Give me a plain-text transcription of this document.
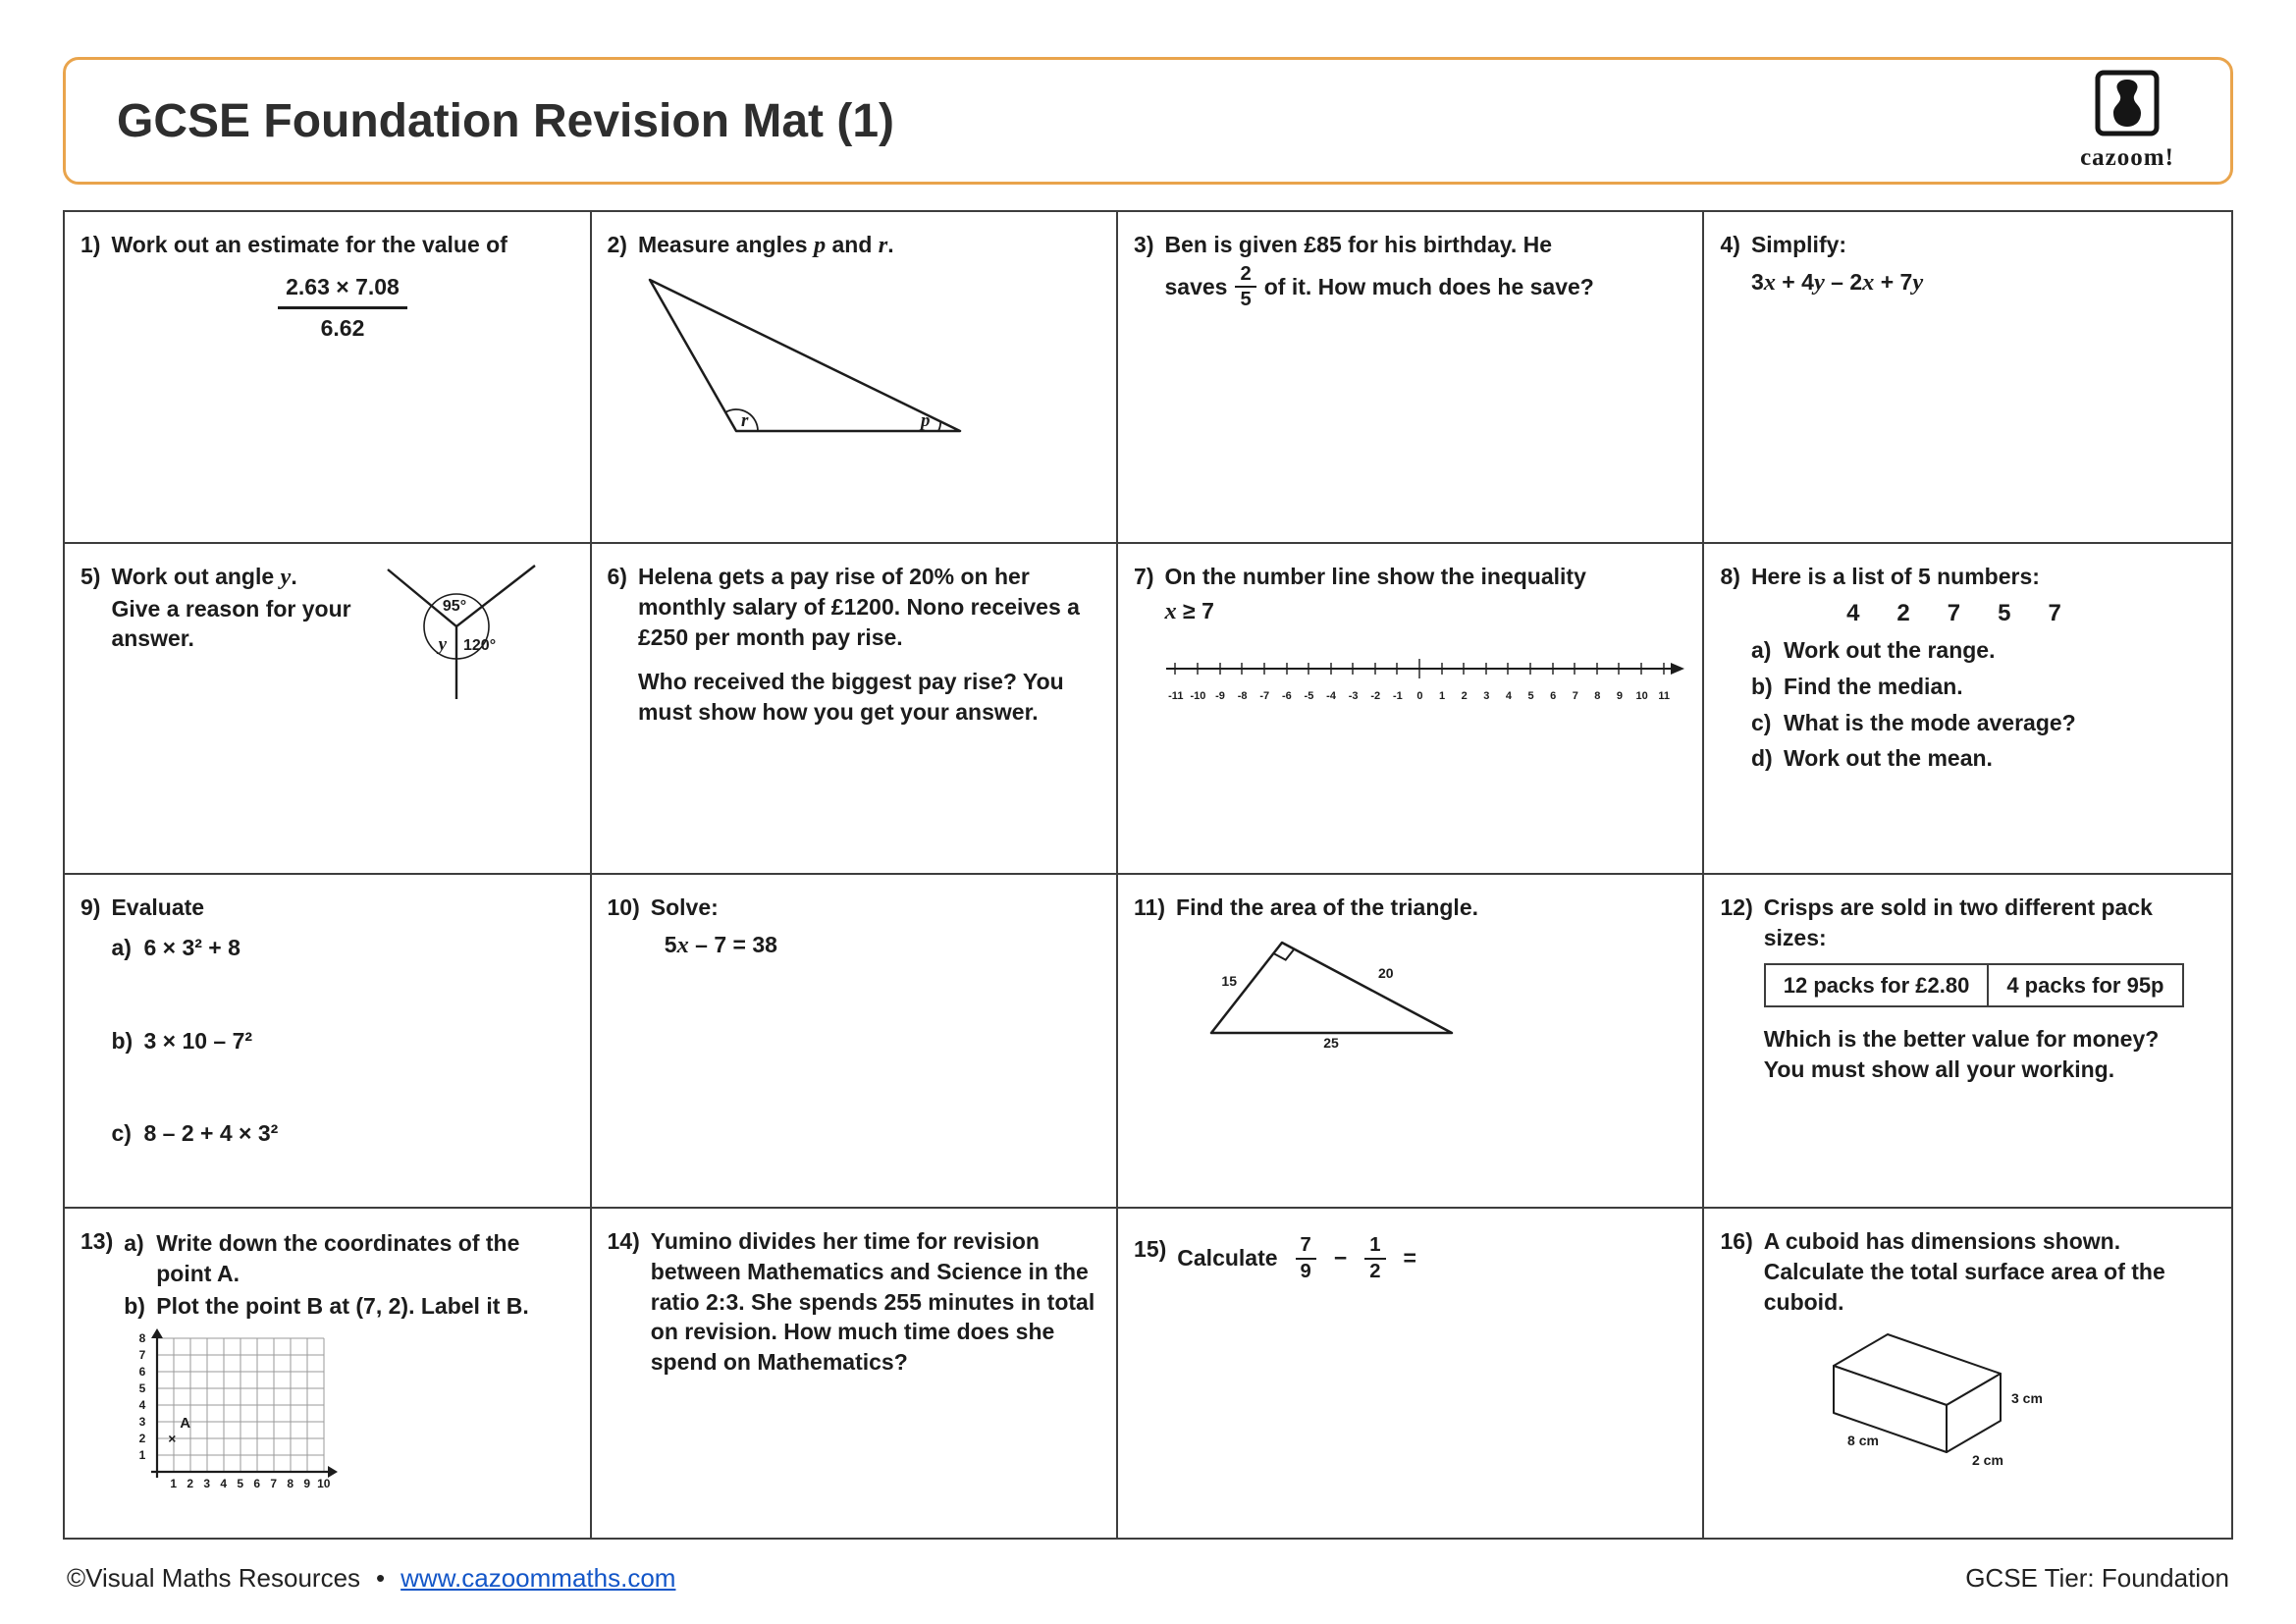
GCSE Foundation Revision Mat (1)
cazoom!
1) Work out an estimate for the value of
$\frac{2.63 \times 7.08}{6.62}$
2) Measure angles p and r.
r	p
3) Ben is given £85 for his birthday. He
saves $\frac{2}{5}$ of it. How much does he save?
4) Simplify:
3x + 4y – 2x + 7y
5) Work out angle y.
Give a reason for your answer.
95°
y 120°
6) Helena gets a pay rise of 20% on her monthly salary of £1200. Nono receives a £250 per month pay rise.
Who received the biggest pay rise? You must show how you get your answer.
7) On the number line show the inequality
x ≥ 7
-11 -10 -9	-8	-7	-6	-5	-4	-3	-2	-1	0	1	2	3	4	5	6	7	8	9	10 11
8) Here is a list of 5 numbers:
4 2 7 5 7
a) Work out the range.
b) Find the median.
c) What is the mode average?
d) Work out the mean.
9) Evaluate
a) 6 × 3² + 8
b) 3 × 10 – 7²
c) 8 – 2 + 4 × 3²
10) Solve:
5x – 7 = 38
11) Find the area of the triangle.
15	20
25
12) Crisps are sold in two different pack sizes:
12 packs for £2.80	4 packs for 95p
Which is the better value for money?
You must show all your working.
13) a) Write down the coordinates of the point A.
b) Plot the point B at (7, 2). Label it B.
8
7
6
5
4
3
2
1
1 2 3 4 5 6 7 8 9 10
×
A
14) Yumino divides her time for revision between Mathematics and Science in the ratio 2:3. She spends 255 minutes in total on revision. How much time does she spend on Mathematics?
15) Calculate $\frac{7}{9} - \frac{1}{2}$ =
16) A cuboid has dimensions shown.
Calculate the total surface area of the cuboid.
8 cm
3 cm
2 cm
©Visual Maths Resources • www.cazoommaths.com	GCSE Tier: Foundation
